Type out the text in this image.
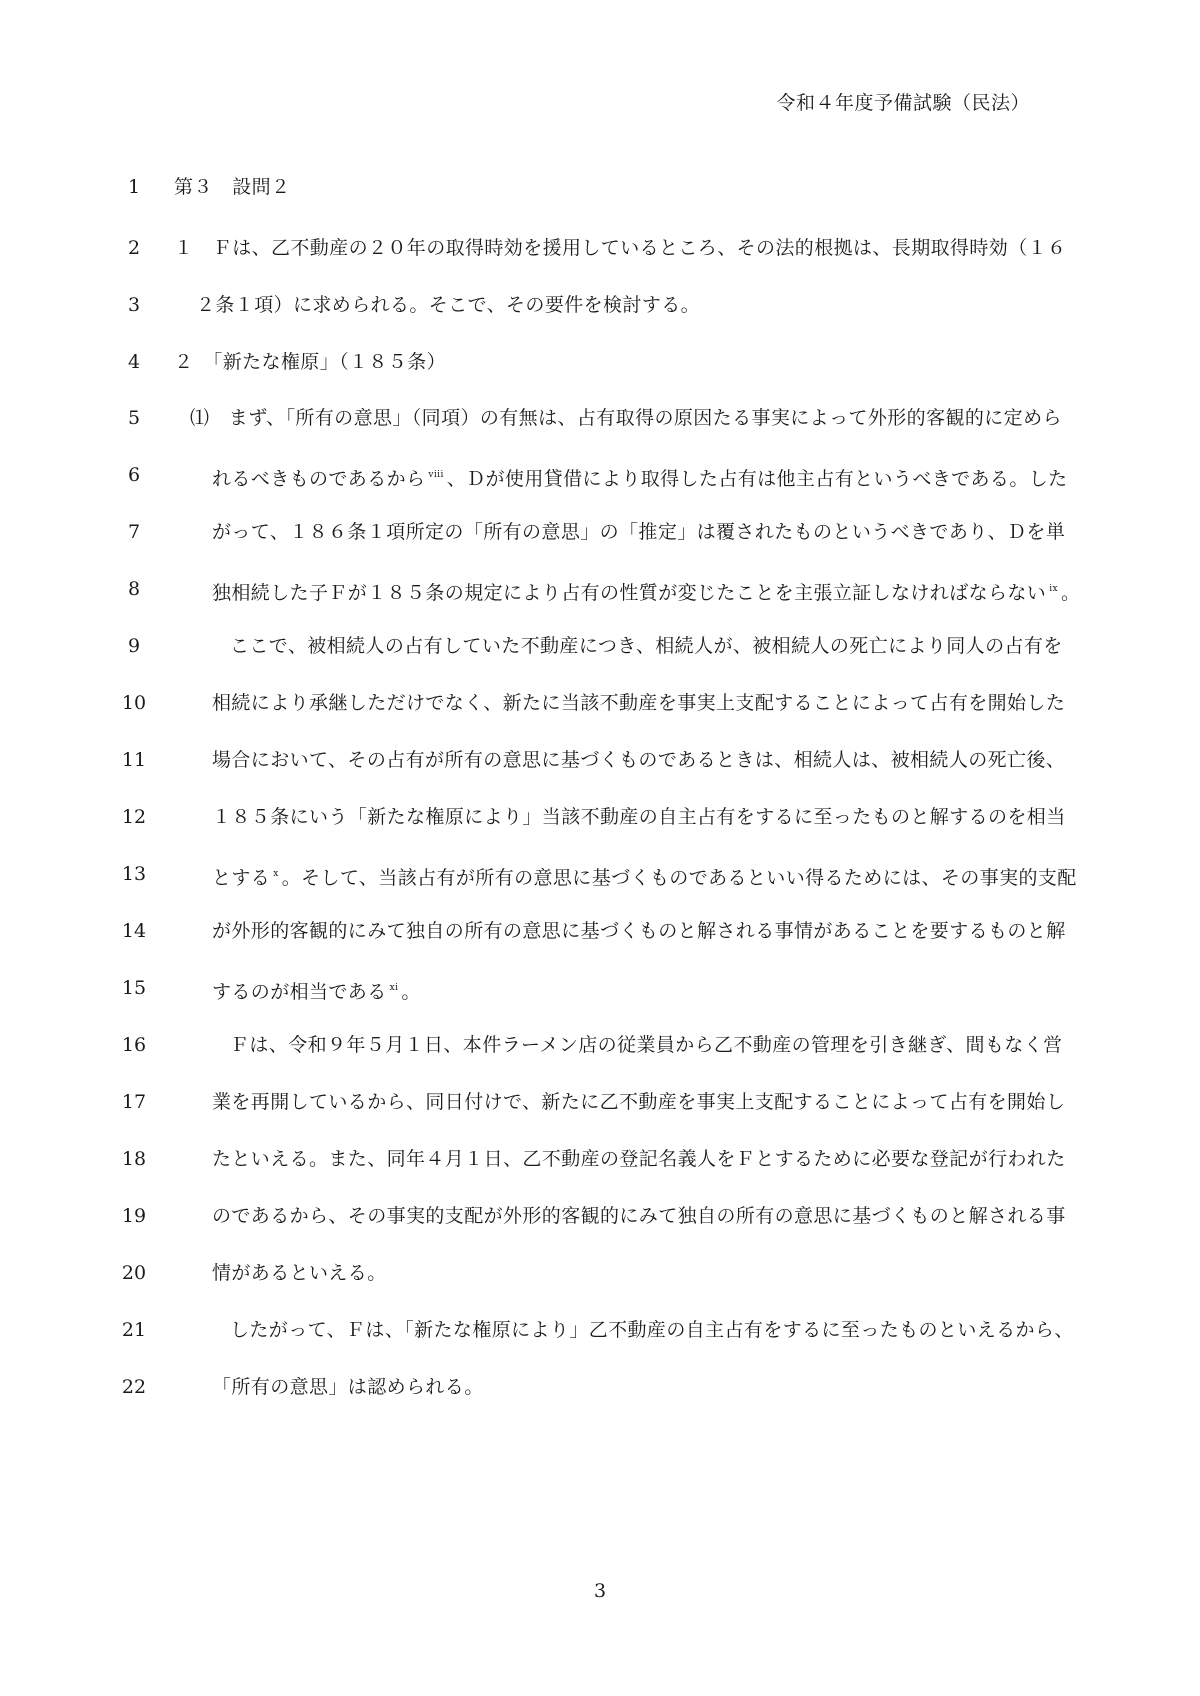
令和４年度予備試験（民法）
1	第３　設問２
2	１　Ｆは、乙不動産の２０年の取得時効を援用しているところ、その法的根拠は、長期取得時効（１６
3	２条１項）に求められる。そこで、その要件を検討する。
4	２　「新たな権原」（１８５条）
5	⑴　まず、「所有の意思」（同項）の有無は、占有取得の原因たる事実によって外形的客観的に定めら
6	れるべきものであるから $^{viii}$ 、Ｄが使用貸借により取得した占有は他主占有というべきである。した
7	がって、１８６条１項所定の「所有の意思」の「推定」は覆されたものというべきであり、Ｄを単
8	独相続した子Ｆが１８５条の規定により占有の性質が変じたことを主張立証しなければならない $^{ix}$ 。
9	ここで、被相続人の占有していた不動産につき、相続人が、被相続人の死亡により同人の占有を
10	相続により承継しただけでなく、新たに当該不動産を事実上支配することによって占有を開始した
11	場合において、その占有が所有の意思に基づくものであるときは、相続人は、被相続人の死亡後、
12	１８５条にいう「新たな権原により」当該不動産の自主占有をするに至ったものと解するのを相当
13	とする $^x$ 。そして、当該占有が所有の意思に基づくものであるといい得るためには、その事実的支配
14	が外形的客観的にみて独自の所有の意思に基づくものと解される事情があることを要するものと解
15	するのが相当である $^{xi}$ 。
16	Ｆは、令和９年５月１日、本件ラーメン店の従業員から乙不動産の管理を引き継ぎ、間もなく営
17	業を再開しているから、同日付けで、新たに乙不動産を事実上支配することによって占有を開始し
18	たといえる。また、同年４月１日、乙不動産の登記名義人をＦとするために必要な登記が行われた
19	のであるから、その事実的支配が外形的客観的にみて独自の所有の意思に基づくものと解される事
20	情があるといえる。
21	したがって、Ｆは、「新たな権原により」乙不動産の自主占有をするに至ったものといえるから、
22	「所有の意思」は認められる。
3
